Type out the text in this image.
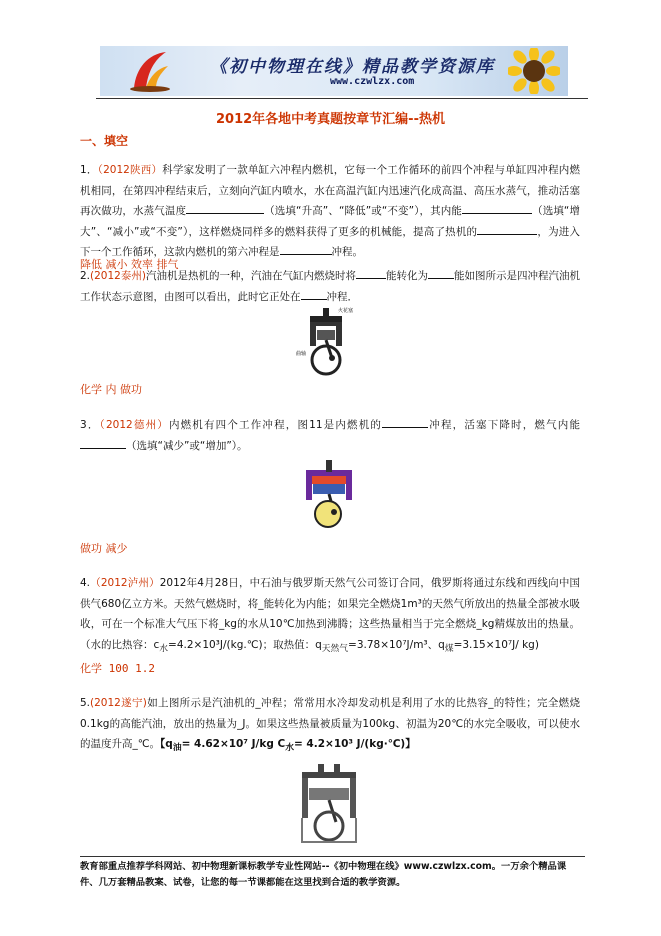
《初中物理在线》精品教学资源库
www.czwlzx.com
2012年各地中考真题按章节汇编--热机
一、填空
1．（2012陕西）科学家发明了一款单缸六冲程内燃机，它每一个工作循环的前四个冲程与单缸四冲程内燃机相同，在第四冲程结束后，立刻向汽缸内喷水，水在高温汽缸内迅速汽化成高温、高压水蒸气，推动活塞再次做功，水蒸气温度	（选填“升高”、“降低”或“不变”），其内能	（选填“增大”、“减小”或“不变”），这样燃烧同样多的燃料获得了更多的机械能，提高了热机的	，为进入下一个工作循环，这款内燃机的第六冲程是	冲程。
降低 减小 效率 排气
2.(2012泰州)汽油机是热机的一种，汽油在气缸内燃烧时将	能转化为 能如图所示是四冲程汽油机工作状态示意图，由图可以看出，此时它正处在 冲程．
火花塞
曲轴
化学 内 做功
3．（2012德州）内燃机有四个工作冲程，图11是内燃机的	冲程，活塞下降时，燃气内能（选填“减少”或“增加”）。
做功 减少
4.（2012泸州）2012年4月28日，中石油与俄罗斯天然气公司签订合同，俄罗斯将通过东线和西线向中国供气680亿立方米。天然气燃烧时，将_能转化为内能；如果完全燃烧1m³的天然气所放出的热量全部被水吸收，可在一个标准大气压下将_kg的水从10℃加热到沸腾；这些热量相当于完全燃烧_kg精煤放出的热量。（水的比热容：$c_水=4.2\times 10^3J/(kg.℃)$；取热值：$q_{天然气}=3.78\times 10^7J/m^3$、$q_煤=3.15\times 10^7J/$ kg)
化学 100 1.2
5.(2012遂宁)如上图所示是汽油机的_冲程；常常用水冷却发动机是利用了水的比热容_的特性；完全燃烧0.1kg的高能汽油，放出的热量为_J。如果这些热量被质量为100kg、初温为20℃的水完全吸收，可以使水的温度升高_℃。【$q_油= 4.62\times 10^7$ J/kg $C_水= 4.2\times 10^3$ J/(kg·℃)】
教育部重点推荐学科网站、初中物理新课标教学专业性网站--《初中物理在线》www.czwlzx.com。一万余个精品课
件、几万套精品教案、试卷，让您的每一节课都能在这里找到合适的教学资源。
